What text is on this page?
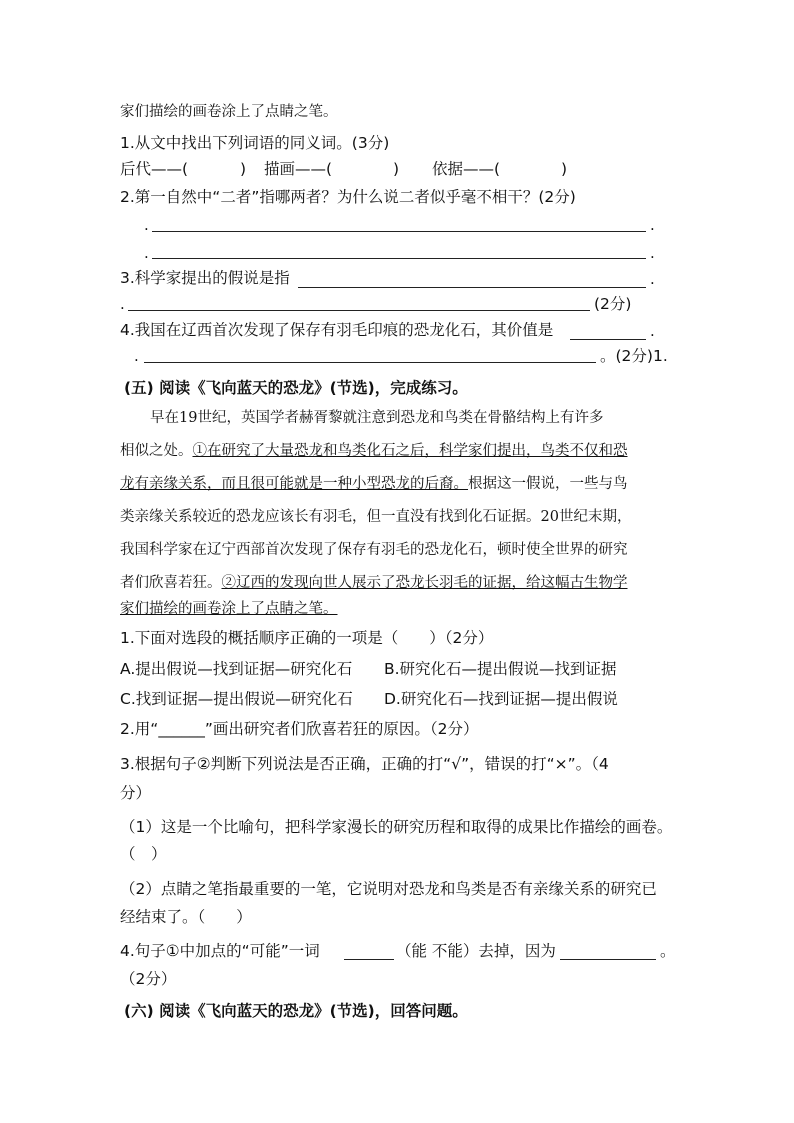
家们描绘的画卷涂上了点睛之笔。
1.从文中找出下列词语的同义词。(3分)
后代——(	) 描画——(	) 依据——(	)
2.第一自然中“二者”指哪两者？为什么说二者似乎毫不相干？(2分)
.	.
.	.
3.科学家提出的假说是指	.
.	(2分)
4.我国在辽西首次发现了保存有羽毛印痕的恐龙化石，其价值是	.
.	。(2分)1.
(五) 阅读《飞向蓝天的恐龙》(节选)，完成练习。
早在19世纪，英国学者赫胥黎就注意到恐龙和鸟类在骨骼结构上有许多
相似之处。①在研究了大量恐龙和鸟类化石之后，科学家们提出，鸟类不仅和恐
龙有亲缘关系，而且很可能就是一种小型恐龙的后裔。根据这一假说，一些与鸟
类亲缘关系较近的恐龙应该长有羽毛，但一直没有找到化石证据。20世纪末期，
我国科学家在辽宁西部首次发现了保存有羽毛的恐龙化石，顿时使全世界的研究
者们欣喜若狂。②辽西的发现向世人展示了恐龙长羽毛的证据，给这幅古生物学
家们描绘的画卷涂上了点睛之笔。
1.下面对选段的概括顺序正确的一项是（　　）（2分）
A.提出假说—找到证据—研究化石 B.研究化石—提出假说—找到证据
C.找到证据—提出假说—研究化石 D.研究化石—找到证据—提出假说
2.用“______”画出研究者们欣喜若狂的原因。（2分）
3.根据句子②判断下列说法是否正确，正确的打“√”，错误的打“×”。（4
分）
（1）这是一个比喻句，把科学家漫长的研究历程和取得的成果比作描绘的画卷。
（　）
（2）点睛之笔指最重要的一笔，它说明对恐龙和鸟类是否有亲缘关系的研究已
经结束了。（　　）
4.句子①中加点的“可能”一词	（能 不能）去掉，因为	。
（2分）
(六) 阅读《飞向蓝天的恐龙》(节选)，回答问题。
